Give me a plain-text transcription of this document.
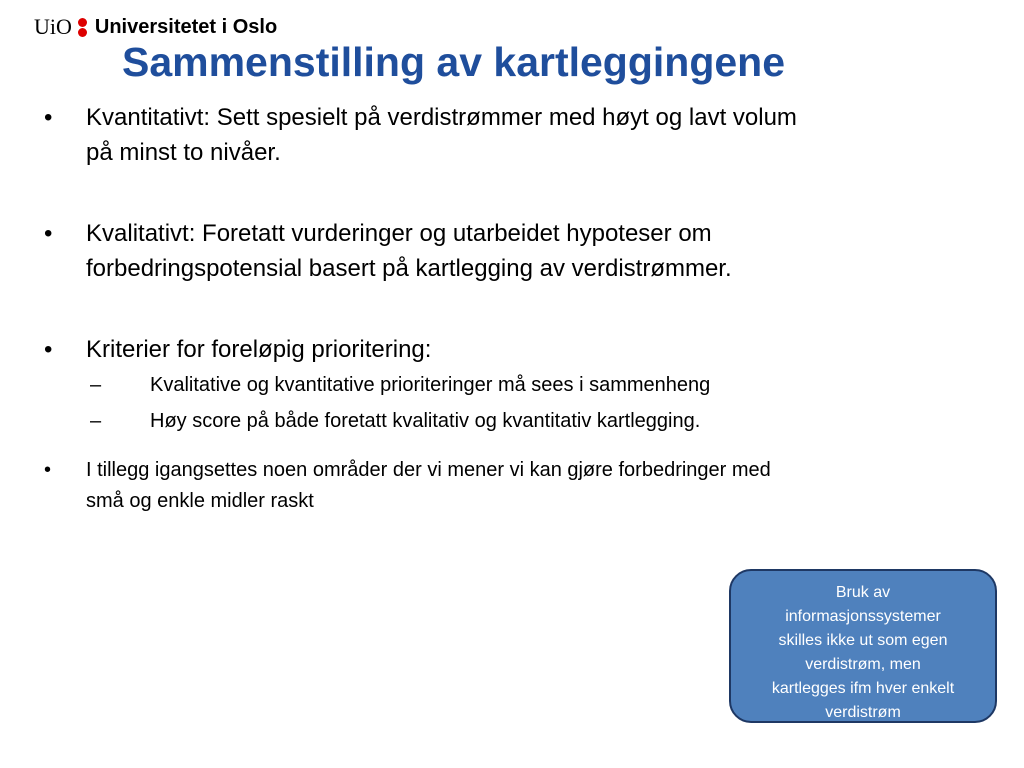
UiO Universitetet i Oslo
Sammenstilling av kartleggingene
• Kvantitativt: Sett spesielt på verdistrømmer med høyt og lavt volum
på minst to nivåer.
• Kvalitativt: Foretatt vurderinger og utarbeidet hypoteser om
forbedringspotensial basert på kartlegging av verdistrømmer.
• Kriterier for foreløpig prioritering:
– Kvalitative og kvantitative prioriteringer må sees i sammenheng
– Høy score på både foretatt kvalitativ og kvantitativ kartlegging.
• I tillegg igangsettes noen områder der vi mener vi kan gjøre forbedringer med
små og enkle midler raskt
Bruk av
informasjonssystemer
skilles ikke ut som egen
verdistrøm, men
kartlegges ifm hver enkelt
verdistrøm
